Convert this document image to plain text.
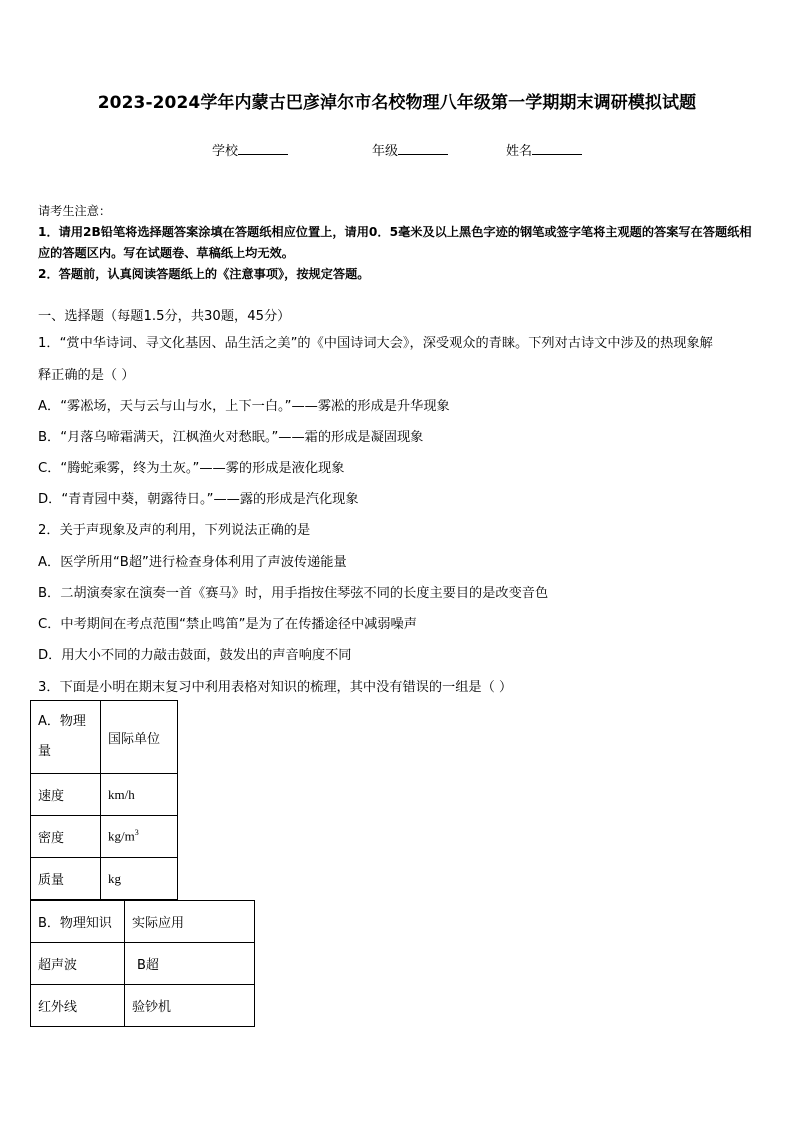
2023-2024学年内蒙古巴彦淖尔市名校物理八年级第一学期期末调研模拟试题
学校	年级	姓名
请考生注意：
1．请用2B铅笔将选择题答案涂填在答题纸相应位置上，请用0．5毫米及以上黑色字迹的钢笔或签字笔将主观题的答案写在答题纸相应的答题区内。写在试题卷、草稿纸上均无效。
2．答题前，认真阅读答题纸上的《注意事项》，按规定答题。
一、选择题（每题1.5分，共30题，45分）
1．“赏中华诗词、寻文化基因、品生活之美”的《中国诗词大会》，深受观众的青睐。下列对古诗文中涉及的热现象解
释正确的是（ ）
A．“雾凇场，天与云与山与水，上下一白。”——雾凇的形成是升华现象
B．“月落乌啼霜满天，江枫渔火对愁眠。”——霜的形成是凝固现象
C．“腾蛇乘雾，终为土灰。”——雾的形成是液化现象
D．“青青园中葵，朝露待日。”——露的形成是汽化现象
2．关于声现象及声的利用，下列说法正确的是
A．医学所用“B超”进行检查身体利用了声波传递能量
B．二胡演奏家在演奏一首《赛马》时，用手指按住琴弦不同的长度主要目的是改变音色
C．中考期间在考点范围“禁止鸣笛”是为了在传播途径中减弱噪声
D．用大小不同的力敲击鼓面，鼓发出的声音响度不同
3．下面是小明在期末复习中利用表格对知识的梳理，其中没有错误的一组是（ ）
A．物理
量	国际单位
速度	km/h
密度	$kg/m^3$
质量	kg
B．物理知识	实际应用
超声波	B超
红外线	验钞机
